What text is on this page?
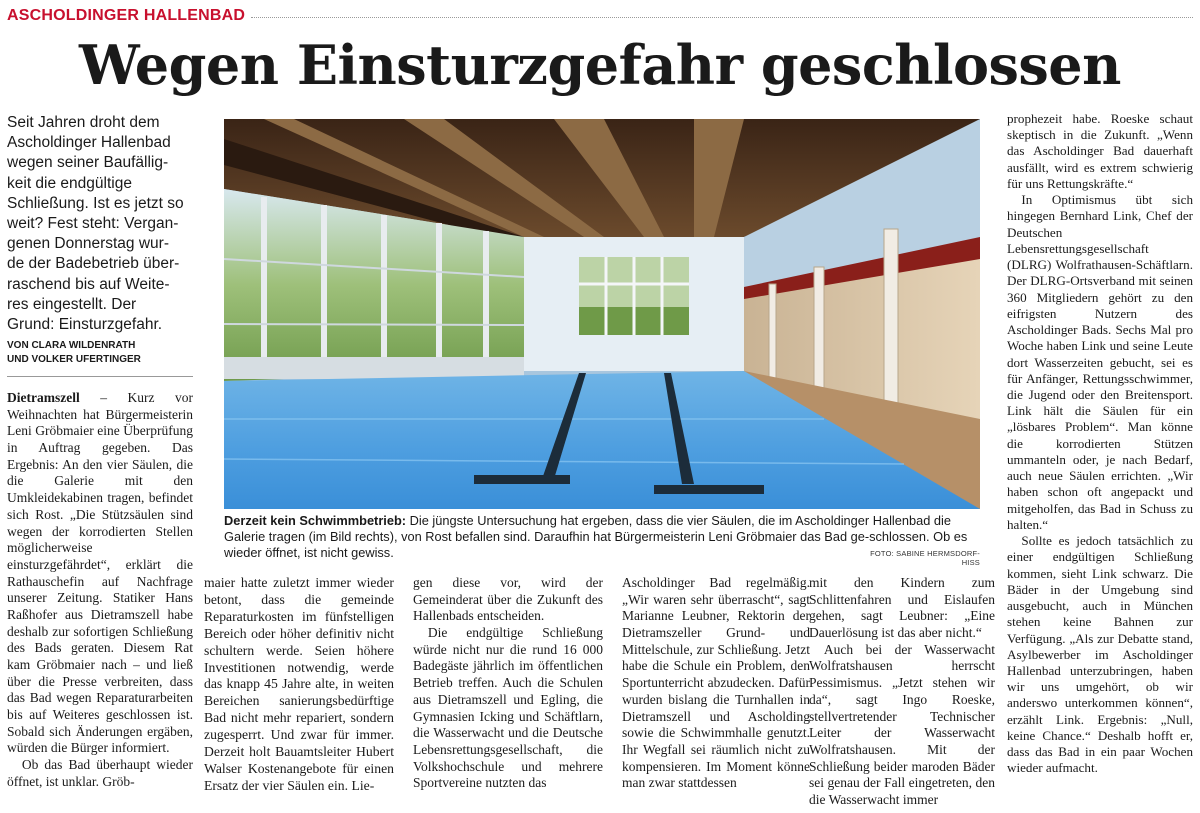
ASCHOLDINGER HALLENBAD
Wegen Einsturzgefahr geschlossen
Seit Jahren droht dem
Ascholdinger Hallenbad
wegen seiner Baufällig-
keit die endgültige
Schließung. Ist es jetzt so
weit? Fest steht: Vergan-
genen Donnerstag wur-
de der Badebetrieb über-
raschend bis auf Weite-
res eingestellt. Der
Grund: Einsturzgefahr.
VON CLARA WILDENRATH
UND VOLKER UFERTINGER

Dietramszell – Kurz vor Weihnachten hat Bürgermeisterin Leni Gröbmaier eine Überprüfung in Auftrag gegeben. Das Ergebnis: An den vier Säulen, die die Galerie mit den Umkleidekabinen tragen, befindet sich Rost. „Die Stützsäulen sind wegen der korrodierten Stellen möglicherweise einsturzgefährdet“, erklärt die Rathauschefin auf Nachfrage unserer Zeitung. Statiker Hans Raßhofer aus Dietramszell habe deshalb zur sofortigen Schließung des Bads geraten. Diesem Rat kam Gröbmaier nach – und ließ über die Presse verbreiten, dass das Bad wegen Reparaturarbeiten bis auf Weiteres geschlossen ist. Sobald sich Änderungen ergäben, würden die Bürger informiert.

Ob das Bad überhaupt wieder öffnet, ist unklar. Gröb-

Derzeit kein Schwimmbetrieb: Die jüngste Untersuchung hat ergeben, dass die vier Säulen, die im Ascholdinger Hallenbad die Galerie tragen (im Bild rechts), von Rost befallen sind. Daraufhin hat Bürgermeisterin Leni Gröbmaier das Bad ge-schlossen. Ob es wieder öffnet, ist nicht gewiss.	FOTO: SABINE HERMSDORF-HISS

maier hatte zuletzt immer wieder betont, dass die gemeinde Reparaturkosten im fünfstelligen Bereich oder höher definitiv nicht schultern werde. Seien höhere Investitionen notwendig, werde das knapp 45 Jahre alte, in weiten Bereichen sanierungsbedürftige Bad nicht mehr repariert, sondern zugesperrt. Und zwar für immer. Derzeit holt Bauamtsleiter Hubert Walser Kostenangebote für einen Ersatz der vier Säulen ein. Lie-

gen diese vor, wird der Gemeinderat über die Zukunft des Hallenbads entscheiden.

Die endgültige Schließung würde nicht nur die rund 16 000 Badegäste jährlich im öffentlichen Betrieb treffen. Auch die Schulen aus Dietramszell und Egling, die Gymnasien Icking und Schäftlarn, die Wasserwacht und die Deutsche Lebensrettungsgesellschaft, die Volkshochschule und mehrere Sportvereine nutzten das

Ascholdinger Bad regelmäßig. „Wir waren sehr überrascht“, sagt Marianne Leubner, Rektorin der Dietramszeller Grund- und Mittelschule, zur Schließung. Jetzt habe die Schule ein Problem, den Sportunterricht abzudecken. Dafür wurden bislang die Turnhallen in Dietramszell und Ascholding sowie die Schwimmhalle genutzt. Ihr Wegfall sei räumlich nicht zu kompensieren. Im Moment könne man zwar stattdessen

mit den Kindern zum Schlittenfahren und Eislaufen gehen, sagt Leubner: „Eine Dauerlösung ist das aber nicht.“

Auch bei der Wasserwacht Wolfratshausen herrscht Pessimismus. „Jetzt stehen wir da“, sagt Ingo Roeske, stellvertretender Technischer Leiter der Wasserwacht Wolfratshausen. Mit der Schließung beider maroden Bäder sei genau der Fall eingetreten, den die Wasserwacht immer

prophezeit habe. Roeske schaut skeptisch in die Zukunft. „Wenn das Ascholdinger Bad dauerhaft ausfällt, wird es extrem schwierig für uns Rettungskräfte.“

In Optimismus übt sich hingegen Bernhard Link, Chef der Deutschen Lebensrettungsgesellschaft (DLRG) Wolfrathausen-Schäftlarn. Der DLRG-Ortsverband mit seinen 360 Mitgliedern gehört zu den eifrigsten Nutzern des Ascholdinger Bads. Sechs Mal pro Woche haben Link und seine Leute dort Wasserzeiten gebucht, sei es für Anfänger, Rettungsschwimmer, die Jugend oder den Breitensport. Link hält die Säulen für ein „lösbares Problem“. Man könne die korrodierten Stützen ummanteln oder, je nach Bedarf, auch neue Säulen errichten. „Wir haben schon oft angepackt und mitgeholfen, das Bad in Schuss zu halten.“

Sollte es jedoch tatsächlich zu einer endgültigen Schließung kommen, sieht Link schwarz. Die Bäder in der Umgebung sind ausgebucht, auch in München stehen keine Bahnen zur Verfügung. „Als zur Debatte stand, Asylbewerber im Ascholdinger Hallenbad unterzubringen, haben wir uns umgehört, ob wir anderswo unterkommen können“, erzählt Link. Ergebnis: „Null, keine Chance.“ Deshalb hofft er, dass das Bad in ein paar Wochen wieder aufmacht.
